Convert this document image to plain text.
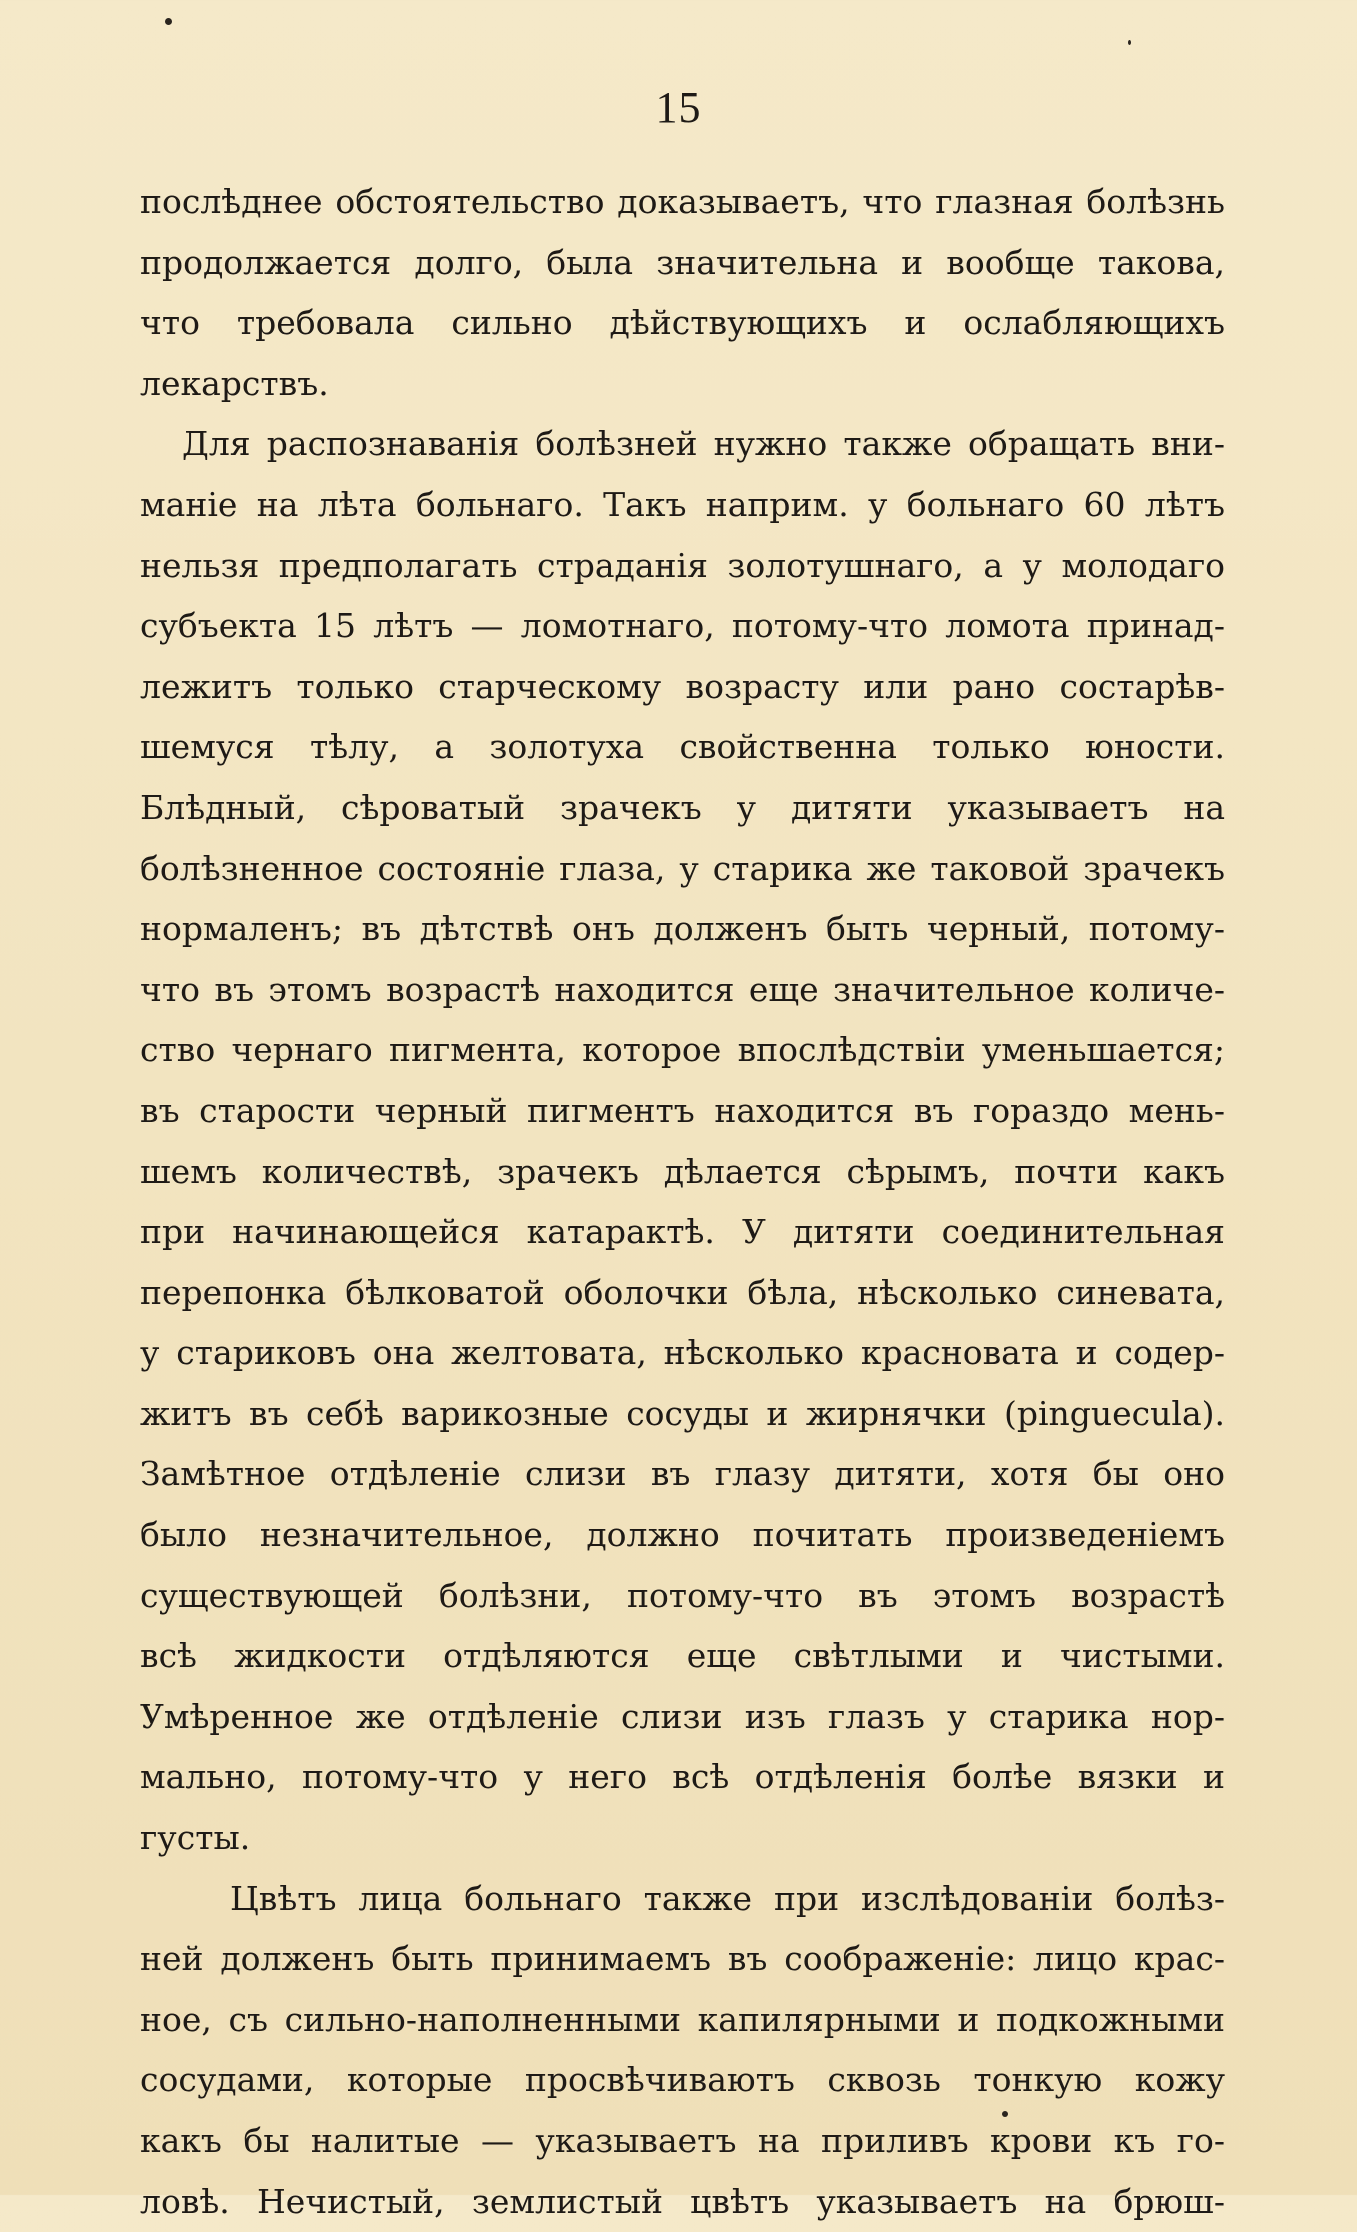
15
послѣднее обстоятельство доказываетъ, что глазная болѣзнь
продолжается долго, была значительна и вообще такова,
что требовала сильно дѣйствующихъ и ослабляющихъ
лекарствъ.
Для распознаванія болѣзней нужно также обращать вни-
маніе на лѣта больнаго. Такъ наприм. у больнаго 60 лѣтъ
нельзя предполагать страданія золотушнаго, а у молодаго
субъекта 15 лѣтъ — ломотнаго, потому-что ломота принад-
лежитъ только старческому возрасту или рано состарѣв-
шемуся тѣлу, а золотуха свойственна только юности.
Блѣдный, сѣроватый зрачекъ у дитяти указываетъ на
болѣзненное состояніе глаза, у старика же таковой зрачекъ
нормаленъ; въ дѣтствѣ онъ долженъ быть черный, потому-
что въ этомъ возрастѣ находится еще значительное количе-
ство чернаго пигмента, которое впослѣдствіи уменьшается;
въ старости черный пигментъ находится въ гораздо мень-
шемъ количествѣ, зрачекъ дѣлается сѣрымъ, почти какъ
при начинающейся катарактѣ. У дитяти соединительная
перепонка бѣлковатой оболочки бѣла, нѣсколько синевата,
у стариковъ она желтовата, нѣсколько красновата и содер-
житъ въ себѣ варикозные сосуды и жирнячки (pinguecula).
Замѣтное отдѣленіе слизи въ глазу дитяти, хотя бы оно
было незначительное, должно почитать произведеніемъ
существующей болѣзни, потому-что въ этомъ возрастѣ
всѣ жидкости отдѣляются еще свѣтлыми и чистыми.
Умѣренное же отдѣленіе слизи изъ глазъ у старика нор-
мально, потому-что у него всѣ отдѣленія болѣе вязки и
густы.
Цвѣтъ лица больнаго также при изслѣдованіи болѣз-
ней долженъ быть принимаемъ въ соображеніе: лицо крас-
ное, съ сильно-наполненными капилярными и подкожными
сосудами, которые просвѣчиваютъ сквозь тонкую кожу
какъ бы налитые — указываетъ на приливъ крови къ го-
ловѣ. Нечистый, землистый цвѣтъ указываетъ на брюш-
